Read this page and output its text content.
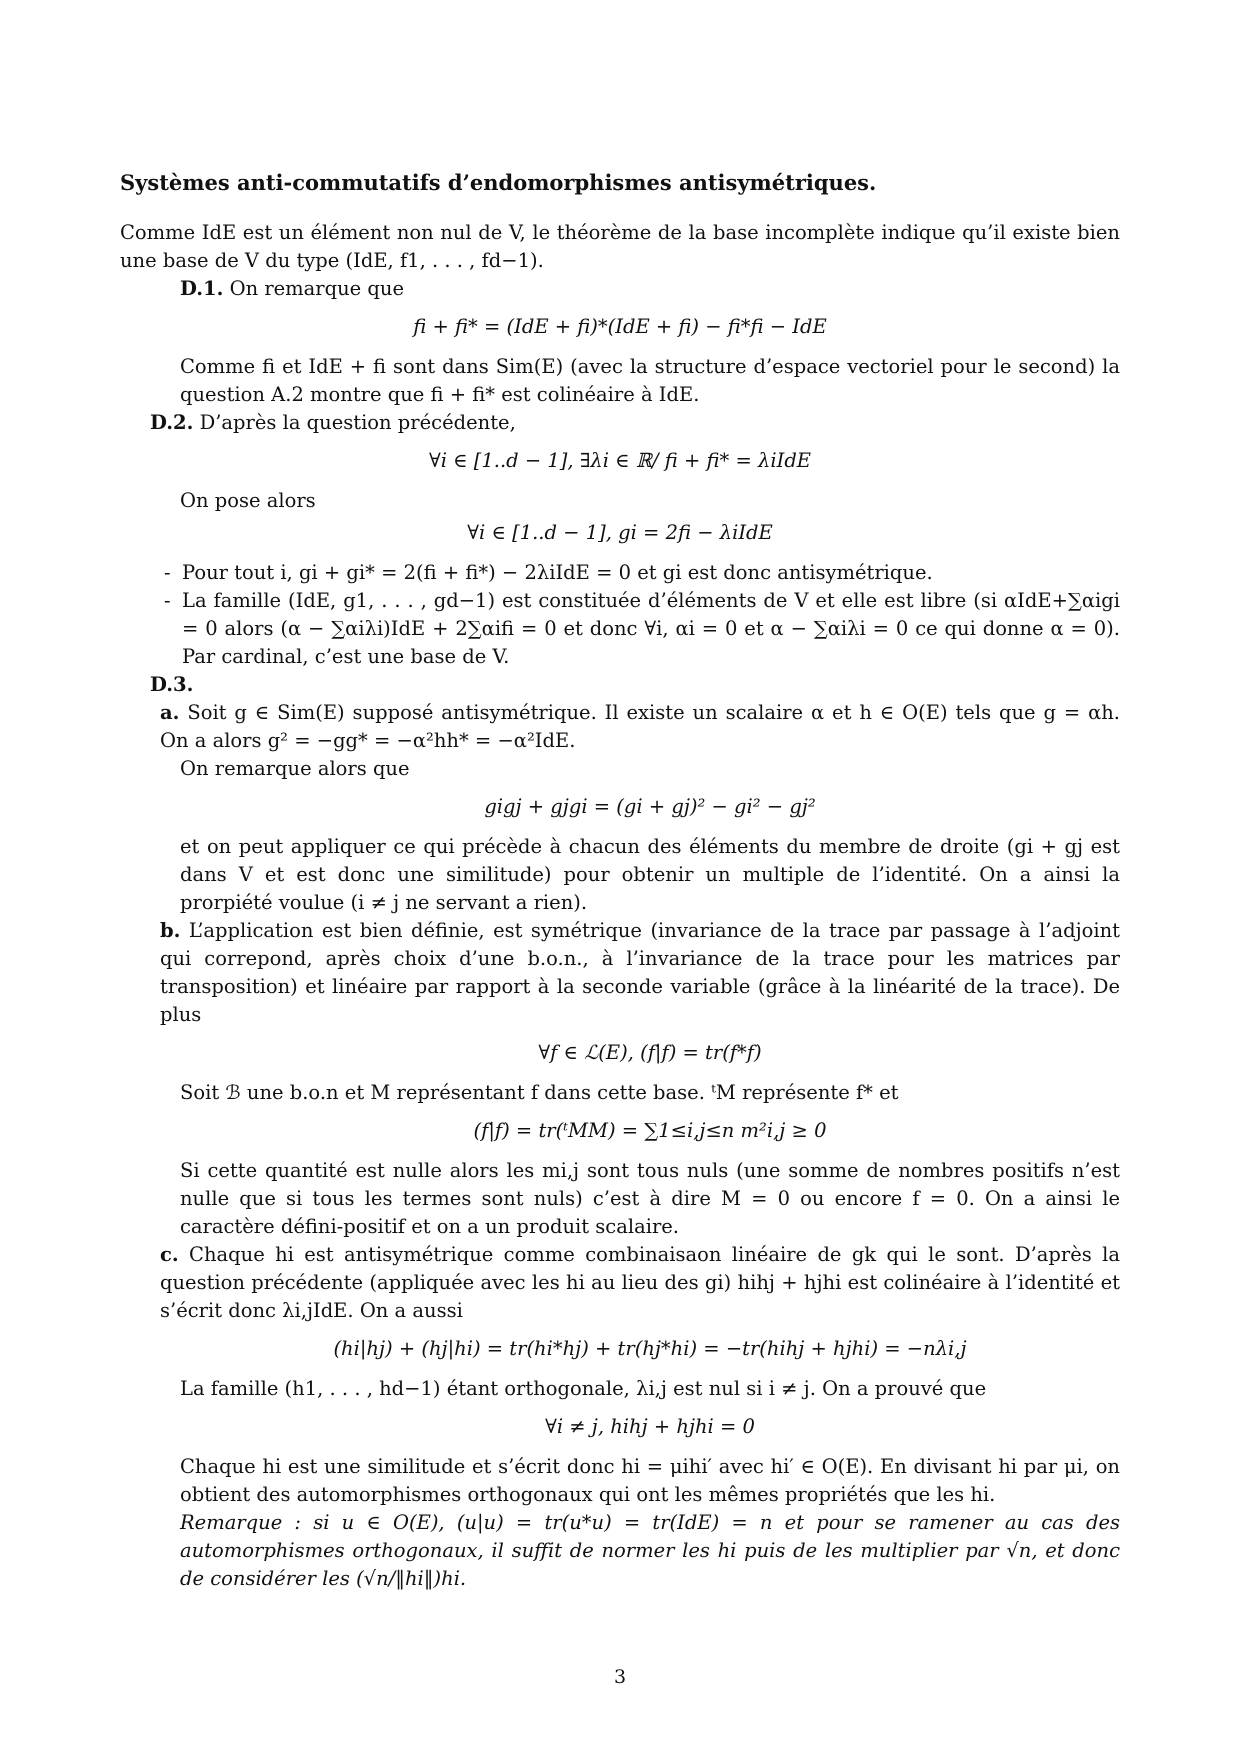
Systèmes anti-commutatifs d’endomorphismes antisymétriques.
Comme IdE est un élément non nul de V, le théorème de la base incomplète indique qu’il existe bien une base de V du type (IdE, f1, . . . , fd−1).
D.1. On remarque que
fi + fi* = (IdE + fi)*(IdE + fi) − fi*fi − IdE
Comme fi et IdE + fi sont dans Sim(E) (avec la structure d’espace vectoriel pour le second) la question A.2 montre que fi + fi* est colinéaire à IdE.
D.2. D’après la question précédente,
∀i ∈ [1..d − 1], ∃λi ∈ ℝ/ fi + fi* = λiIdE
On pose alors
∀i ∈ [1..d − 1], gi = 2fi − λiIdE
- Pour tout i, gi + gi* = 2(fi + fi*) − 2λiIdE = 0 et gi est donc antisymétrique.
- La famille (IdE, g1, . . . , gd−1) est constituée d’éléments de V et elle est libre (si αIdE+∑αigi = 0 alors (α − ∑αiλi)IdE + 2∑αifi = 0 et donc ∀i, αi = 0 et α − ∑αiλi = 0 ce qui donne α = 0). Par cardinal, c’est une base de V.
D.3.
a. Soit g ∈ Sim(E) supposé antisymétrique. Il existe un scalaire α et h ∈ O(E) tels que g = αh. On a alors g² = −gg* = −α²hh* = −α²IdE.
On remarque alors que
gigj + gjgi = (gi + gj)² − gi² − gj²
et on peut appliquer ce qui précède à chacun des éléments du membre de droite (gi + gj est dans V et est donc une similitude) pour obtenir un multiple de l’identité. On a ainsi la prorpiété voulue (i ≠ j ne servant a rien).
b. L’application est bien définie, est symétrique (invariance de la trace par passage à l’adjoint qui correpond, après choix d’une b.o.n., à l’invariance de la trace pour les matrices par transposition) et linéaire par rapport à la seconde variable (grâce à la linéarité de la trace). De plus
∀f ∈ ℒ(E), (f|f) = tr(f*f)
Soit ℬ une b.o.n et M représentant f dans cette base. ᵗM représente f* et
(f|f) = tr(ᵗMM) = ∑1≤i,j≤n m²i,j ≥ 0
Si cette quantité est nulle alors les mi,j sont tous nuls (une somme de nombres positifs n’est nulle que si tous les termes sont nuls) c’est à dire M = 0 ou encore f = 0. On a ainsi le caractère défini-positif et on a un produit scalaire.
c. Chaque hi est antisymétrique comme combinaisaon linéaire de gk qui le sont. D’après la question précédente (appliquée avec les hi au lieu des gi) hihj + hjhi est colinéaire à l’identité et s’écrit donc λi,jIdE. On a aussi
(hi|hj) + (hj|hi) = tr(hi*hj) + tr(hj*hi) = −tr(hihj + hjhi) = −nλi,j
La famille (h1, . . . , hd−1) étant orthogonale, λi,j est nul si i ≠ j. On a prouvé que
∀i ≠ j, hihj + hjhi = 0
Chaque hi est une similitude et s’écrit donc hi = μihi′ avec hi′ ∈ O(E). En divisant hi par μi, on obtient des automorphismes orthogonaux qui ont les mêmes propriétés que les hi.
Remarque : si u ∈ O(E), (u|u) = tr(u*u) = tr(IdE) = n et pour se ramener au cas des automorphismes orthogonaux, il suffit de normer les hi puis de les multiplier par √n, et donc de considérer les (√n/‖hi‖)hi.
3
